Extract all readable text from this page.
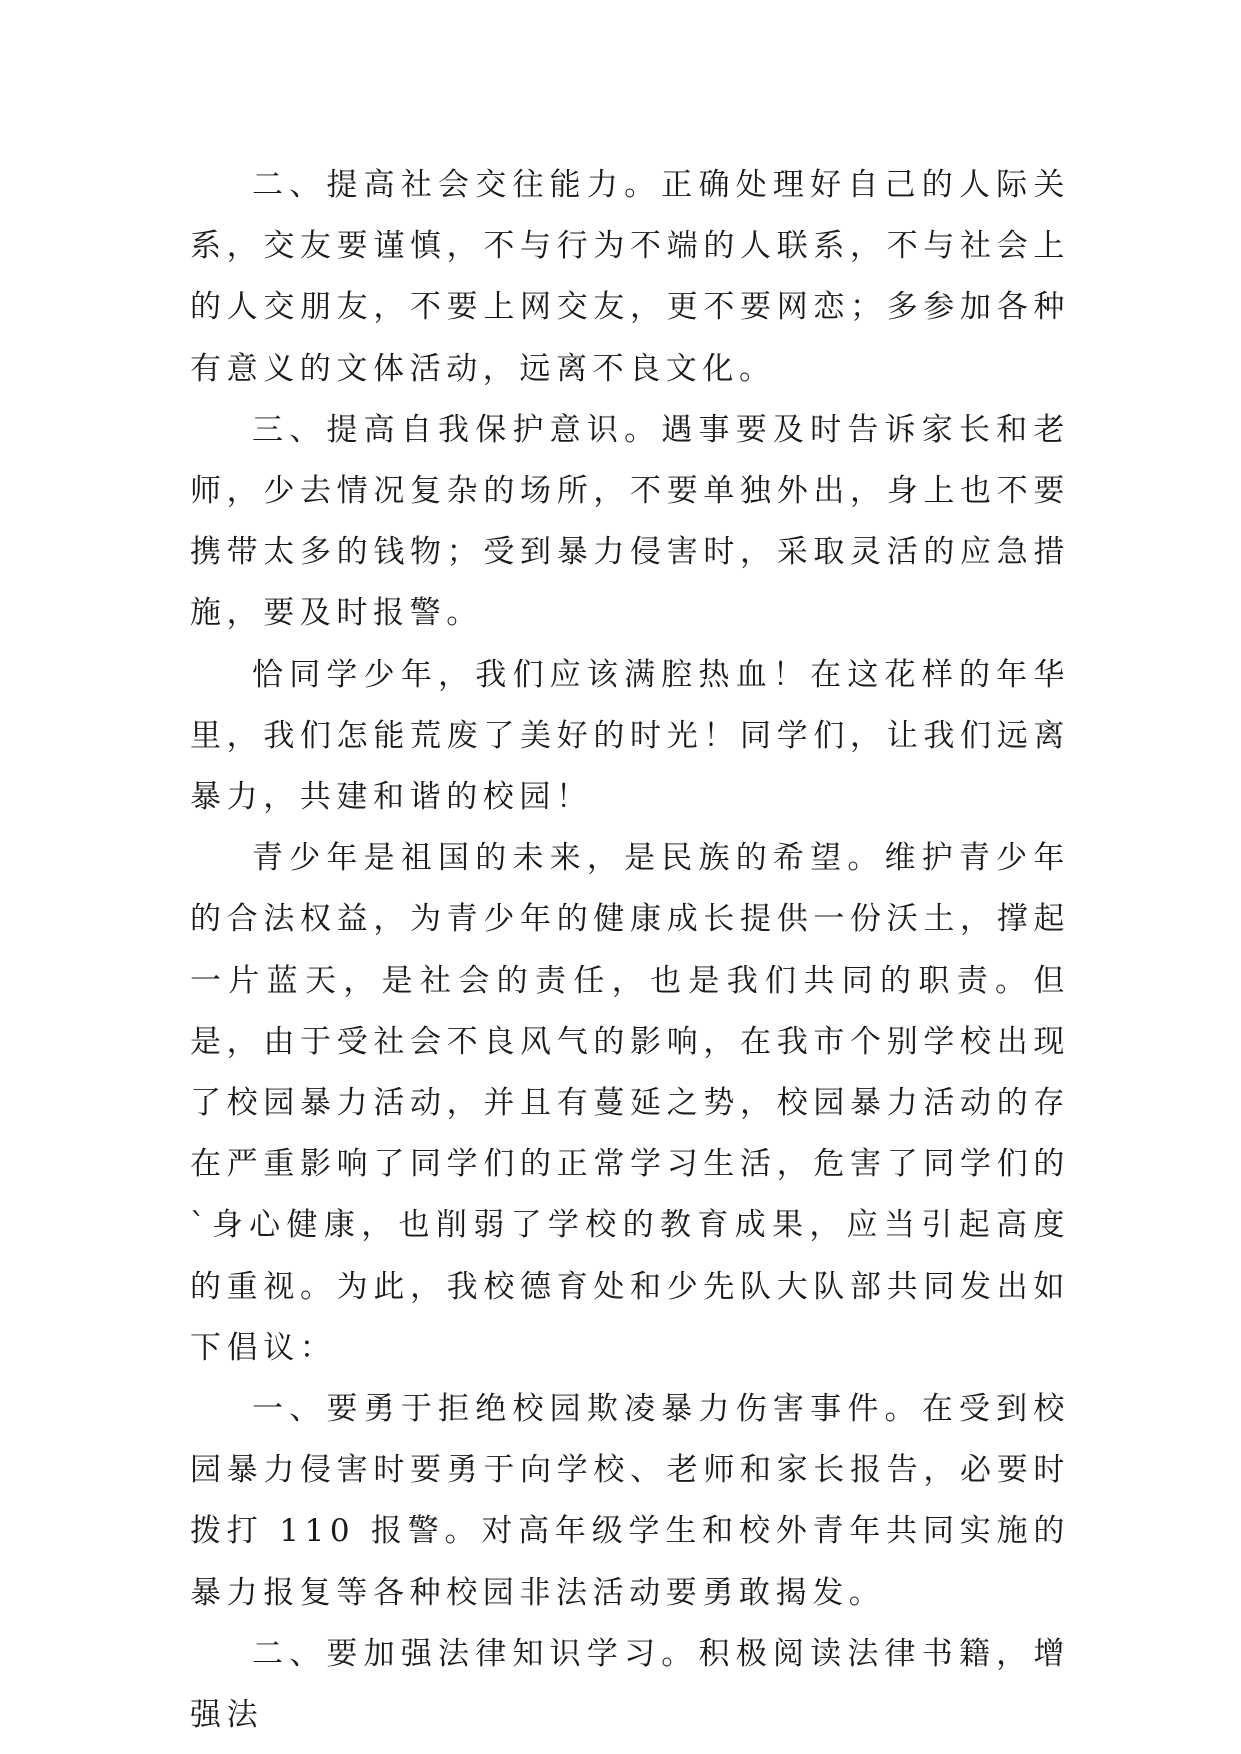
二、提高社会交往能力。正确处理好自己的人际关系，交友要谨慎，不与行为不端的人联系，不与社会上的人交朋友，不要上网交友，更不要网恋；多参加各种有意义的文体活动，远离不良文化。

三、提高自我保护意识。遇事要及时告诉家长和老师，少去情况复杂的场所，不要单独外出，身上也不要携带太多的钱物；受到暴力侵害时，采取灵活的应急措施，要及时报警。

恰同学少年，我们应该满腔热血！在这花样的年华里，我们怎能荒废了美好的时光！同学们，让我们远离暴力，共建和谐的校园！

青少年是祖国的未来，是民族的希望。维护青少年的合法权益，为青少年的健康成长提供一份沃土，撑起一片蓝天，是社会的责任，也是我们共同的职责。但是，由于受社会不良风气的影响，在我市个别学校出现了校园暴力活动，并且有蔓延之势，校园暴力活动的存在严重影响了同学们的正常学习生活，危害了同学们的`身心健康，也削弱了学校的教育成果，应当引起高度的重视。为此，我校德育处和少先队大队部共同发出如下倡议：

一、要勇于拒绝校园欺凌暴力伤害事件。在受到校园暴力侵害时要勇于向学校、老师和家长报告，必要时拨打 110 报警。对高年级学生和校外青年共同实施的暴力报复等各种校园非法活动要勇敢揭发。

二、要加强法律知识学习。积极阅读法律书籍，增强法
